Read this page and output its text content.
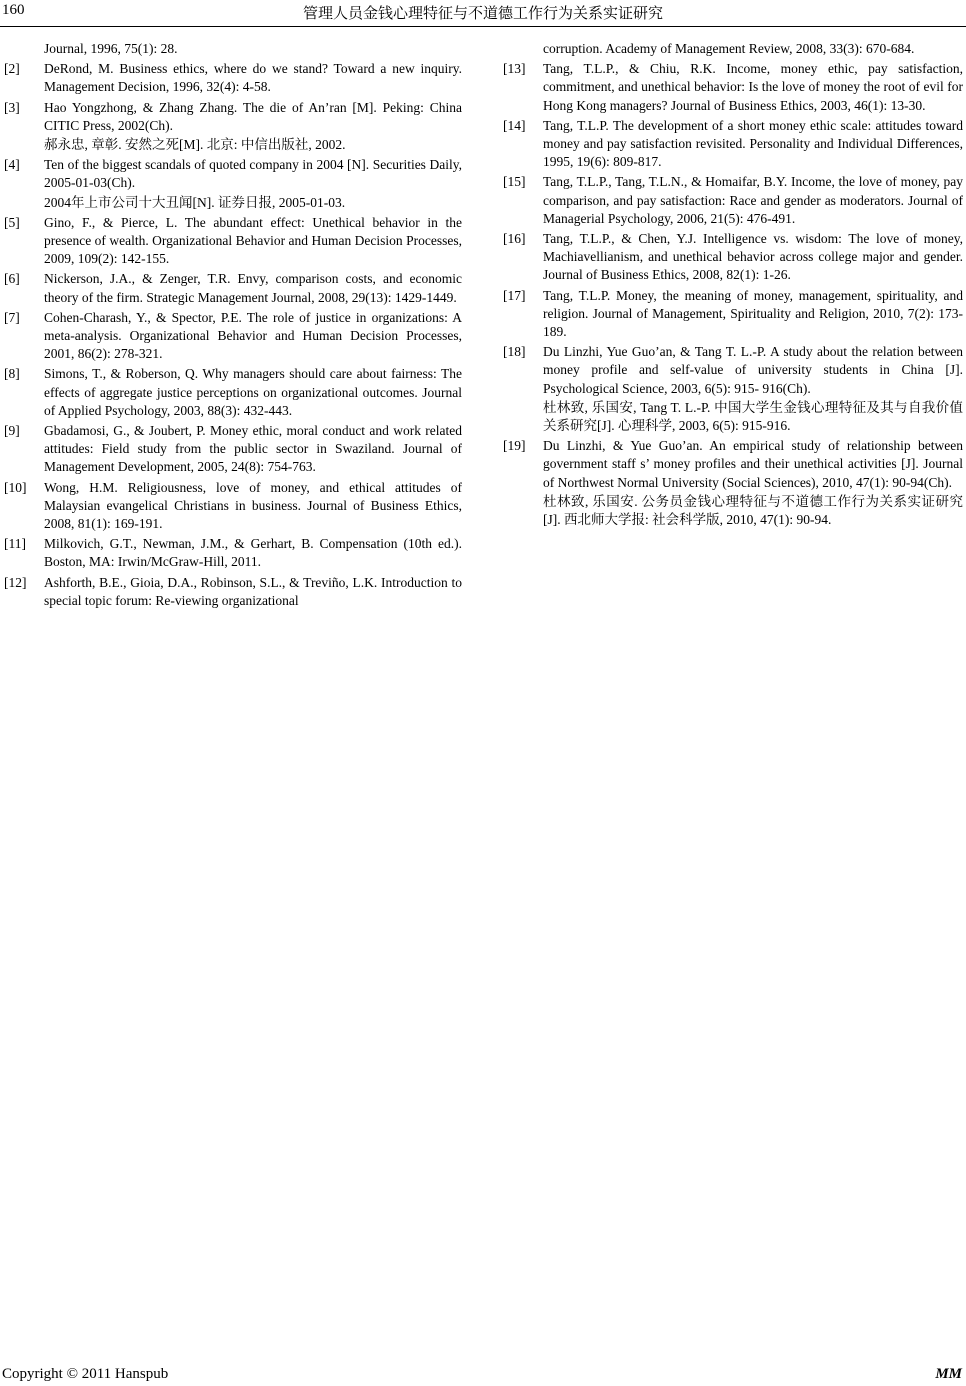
160	管理人员金钱心理特征与不道德工作行为关系实证研究
Journal, 1996, 75(1): 28.
[2]	DeRond, M. Business ethics, where do we stand? Toward a new inquiry. Management Decision, 1996, 32(4): 4-58.

[3]	Hao Yongzhong, & Zhang Zhang. The die of An’ran [M]. Peking: China CITIC Press, 2002(Ch).

郝永忠, 章彰. 安然之死[M]. 北京: 中信出版社, 2002.

[4]	Ten of the biggest scandals of quoted company in 2004 [N]. Securities Daily, 2005-01-03(Ch).

2004年上市公司十大丑闻[N]. 证券日报, 2005-01-03.

[5]	Gino, F., & Pierce, L. The abundant effect: Unethical behavior in the presence of wealth. Organizational Behavior and Human Decision Processes, 2009, 109(2): 142-155.

[6]	Nickerson, J.A., & Zenger, T.R. Envy, comparison costs, and economic theory of the firm. Strategic Management Journal, 2008, 29(13): 1429-1449.

[7]	Cohen-Charash, Y., & Spector, P.E. The role of justice in organizations: A meta-analysis. Organizational Behavior and Human Decision Processes, 2001, 86(2): 278-321.

[8]	Simons, T., & Roberson, Q. Why managers should care about fairness: The effects of aggregate justice perceptions on organizational outcomes. Journal of Applied Psychology, 2003, 88(3): 432-443.

[9]	Gbadamosi, G., & Joubert, P. Money ethic, moral conduct and work related attitudes: Field study from the public sector in Swaziland. Journal of Management Development, 2005, 24(8): 754-763.

[10]	Wong, H.M. Religiousness, love of money, and ethical attitudes of Malaysian evangelical Christians in business. Journal of Business Ethics, 2008, 81(1): 169-191.

[11]	Milkovich, G.T., Newman, J.M., & Gerhart, B. Compensation (10th ed.). Boston, MA: Irwin/McGraw-Hill, 2011.

[12]	Ashforth, B.E., Gioia, D.A., Robinson, S.L., & Treviño, L.K. Introduction to special topic forum: Re-viewing organizational

corruption. Academy of Management Review, 2008, 33(3): 670-684.
[13]	Tang, T.L.P., & Chiu, R.K. Income, money ethic, pay satisfaction, commitment, and unethical behavior: Is the love of money the root of evil for Hong Kong managers? Journal of Business Ethics, 2003, 46(1): 13-30.

[14]	Tang, T.L.P. The development of a short money ethic scale: attitudes toward money and pay satisfaction revisited. Personality and Individual Differences, 1995, 19(6): 809-817.

[15]	Tang, T.L.P., Tang, T.L.N., & Homaifar, B.Y. Income, the love of money, pay comparison, and pay satisfaction: Race and gender as moderators. Journal of Managerial Psychology, 2006, 21(5): 476-491.

[16]	Tang, T.L.P., & Chen, Y.J. Intelligence vs. wisdom: The love of money, Machiavellianism, and unethical behavior across college major and gender. Journal of Business Ethics, 2008, 82(1): 1-26.

[17]	Tang, T.L.P. Money, the meaning of money, management, spirituality, and religion. Journal of Management, Spirituality and Religion, 2010, 7(2): 173-189.

[18]	Du Linzhi, Yue Guo’an, & Tang T. L.-P. A study about the relation between money profile and self-value of university students in China [J]. Psychological Science, 2003, 6(5): 915- 916(Ch).

杜林致, 乐国安, Tang T. L.-P. 中国大学生金钱心理特征及其与自我价值关系研究[J]. 心理科学, 2003, 6(5): 915-916.

[19]	Du Linzhi, & Yue Guo’an. An empirical study of relationship between government staff s’ money profiles and their unethical activities [J]. Journal of Northwest Normal University (Social Sciences), 2010, 47(1): 90-94(Ch).

杜林致, 乐国安. 公务员金钱心理特征与不道德工作行为关系实证研究[J]. 西北师大学报: 社会科学版, 2010, 47(1): 90-94.

Copyright © 2011 Hanspub	MM
